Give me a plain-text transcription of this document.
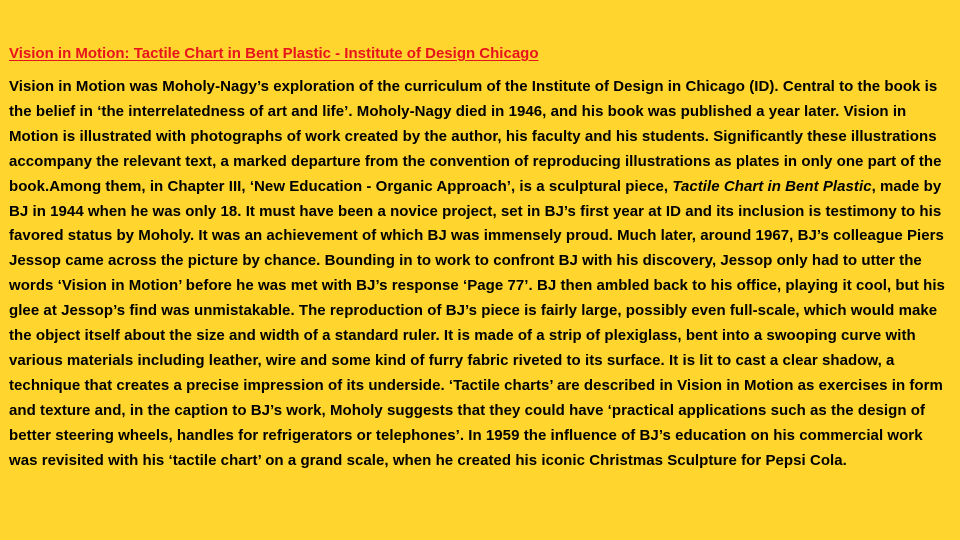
Vision in Motion: Tactile Chart in Bent Plastic - Institute of Design Chicago

Vision in Motion was Moholy-Nagy’s exploration of the curriculum of the Institute of Design in Chicago (ID). Central to the book is the belief in ‘the interrelatedness of art and life’. Moholy-Nagy died in 1946, and his book was published a year later. Vision in Motion is illustrated with photographs of work created by the author, his faculty and his students. Significantly these illustrations accompany the relevant text, a marked departure from the convention of reproducing illustrations as plates in only one part of the book.Among them, in Chapter III, ‘New Education - Organic Approach’, is a sculptural piece, Tactile Chart in Bent Plastic, made by BJ in 1944 when he was only 18. It must have been a novice project, set in BJ’s first year at ID and its inclusion is testimony to his favored status by Moholy. It was an achievement of which BJ was immensely proud. Much later, around 1967, BJ’s colleague Piers Jessop came across the picture by chance. Bounding in to work to confront BJ with his discovery, Jessop only had to utter the words ‘Vision in Motion’ before he was met with BJ’s response ‘Page 77’. BJ then ambled back to his office, playing it cool, but his glee at Jessop’s find was unmistakable. The reproduction of BJ’s piece is fairly large, possibly even full-scale, which would make the object itself about the size and width of a standard ruler. It is made of a strip of plexiglass, bent into a swooping curve with various materials including leather, wire and some kind of furry fabric riveted to its surface. It is lit to cast a clear shadow, a technique that creates a precise impression of its underside. ‘Tactile charts’ are described in Vision in Motion as exercises in form and texture and, in the caption to BJ’s work, Moholy suggests that they could have ‘practical applications such as the design of better steering wheels, handles for refrigerators or telephones’. In 1959 the influence of BJ’s education on his commercial work was revisited with his ‘tactile chart’ on a grand scale, when he created his iconic Christmas Sculpture for Pepsi Cola.
